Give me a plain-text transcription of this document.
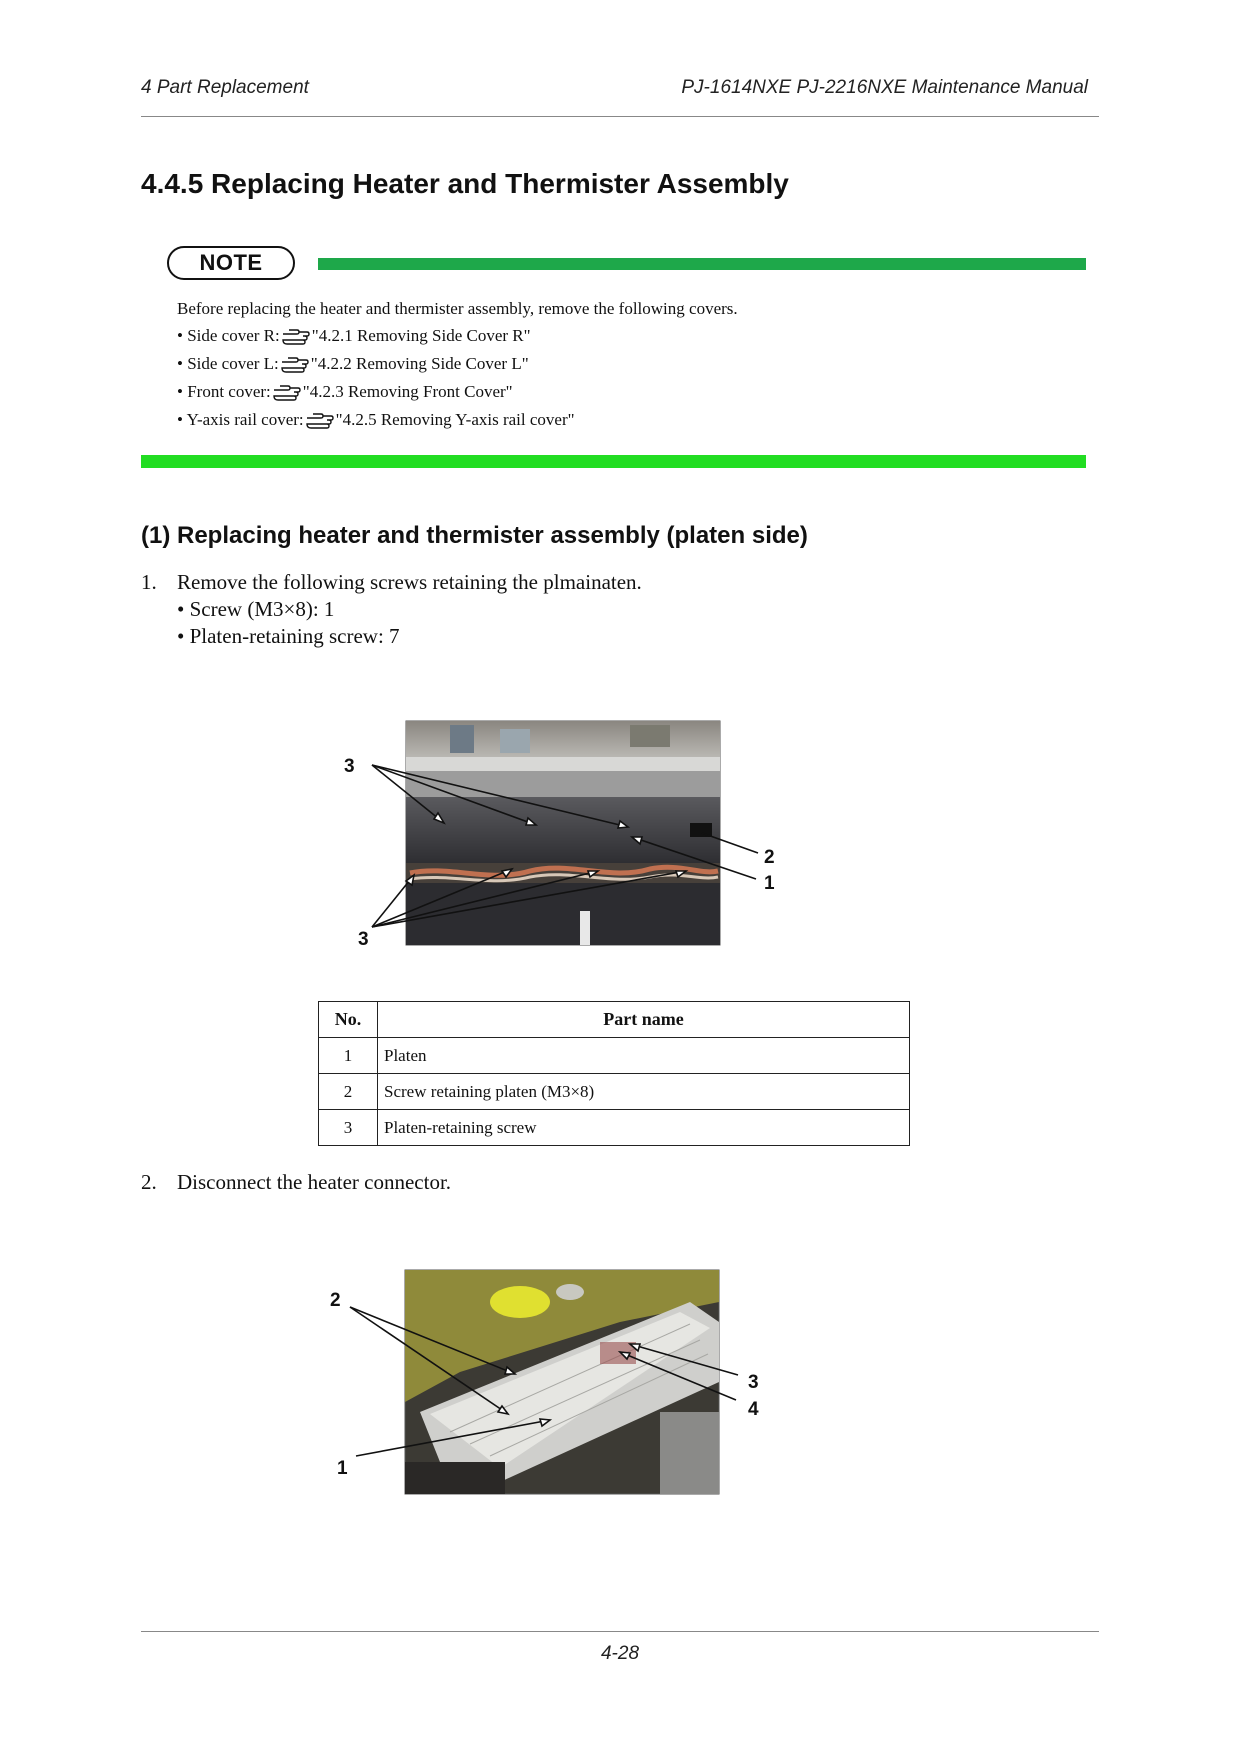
4 Part Replacement	PJ-1614NXE PJ-2216NXE Maintenance Manual
4.4.5 Replacing Heater and Thermister Assembly
NOTE
Before replacing the heater and thermister assembly, remove the following covers.
• Side cover R: "4.2.1 Removing Side Cover R"
• Side cover L: "4.2.2 Removing Side Cover L"
• Front cover: "4.2.3 Removing Front Cover"
• Y-axis rail cover: "4.2.5 Removing Y-axis rail cover"
(1) Replacing heater and thermister assembly (platen side)
1. Remove the following screws retaining the plmainaten.
• Screw (M3×8): 1
• Platen-retaining screw: 7
3
2
1
3
No.	Part name
1	Platen
2	Screw retaining platen (M3×8)
3	Platen-retaining screw
2. Disconnect the heater connector.
2
3
4
1
4-28
